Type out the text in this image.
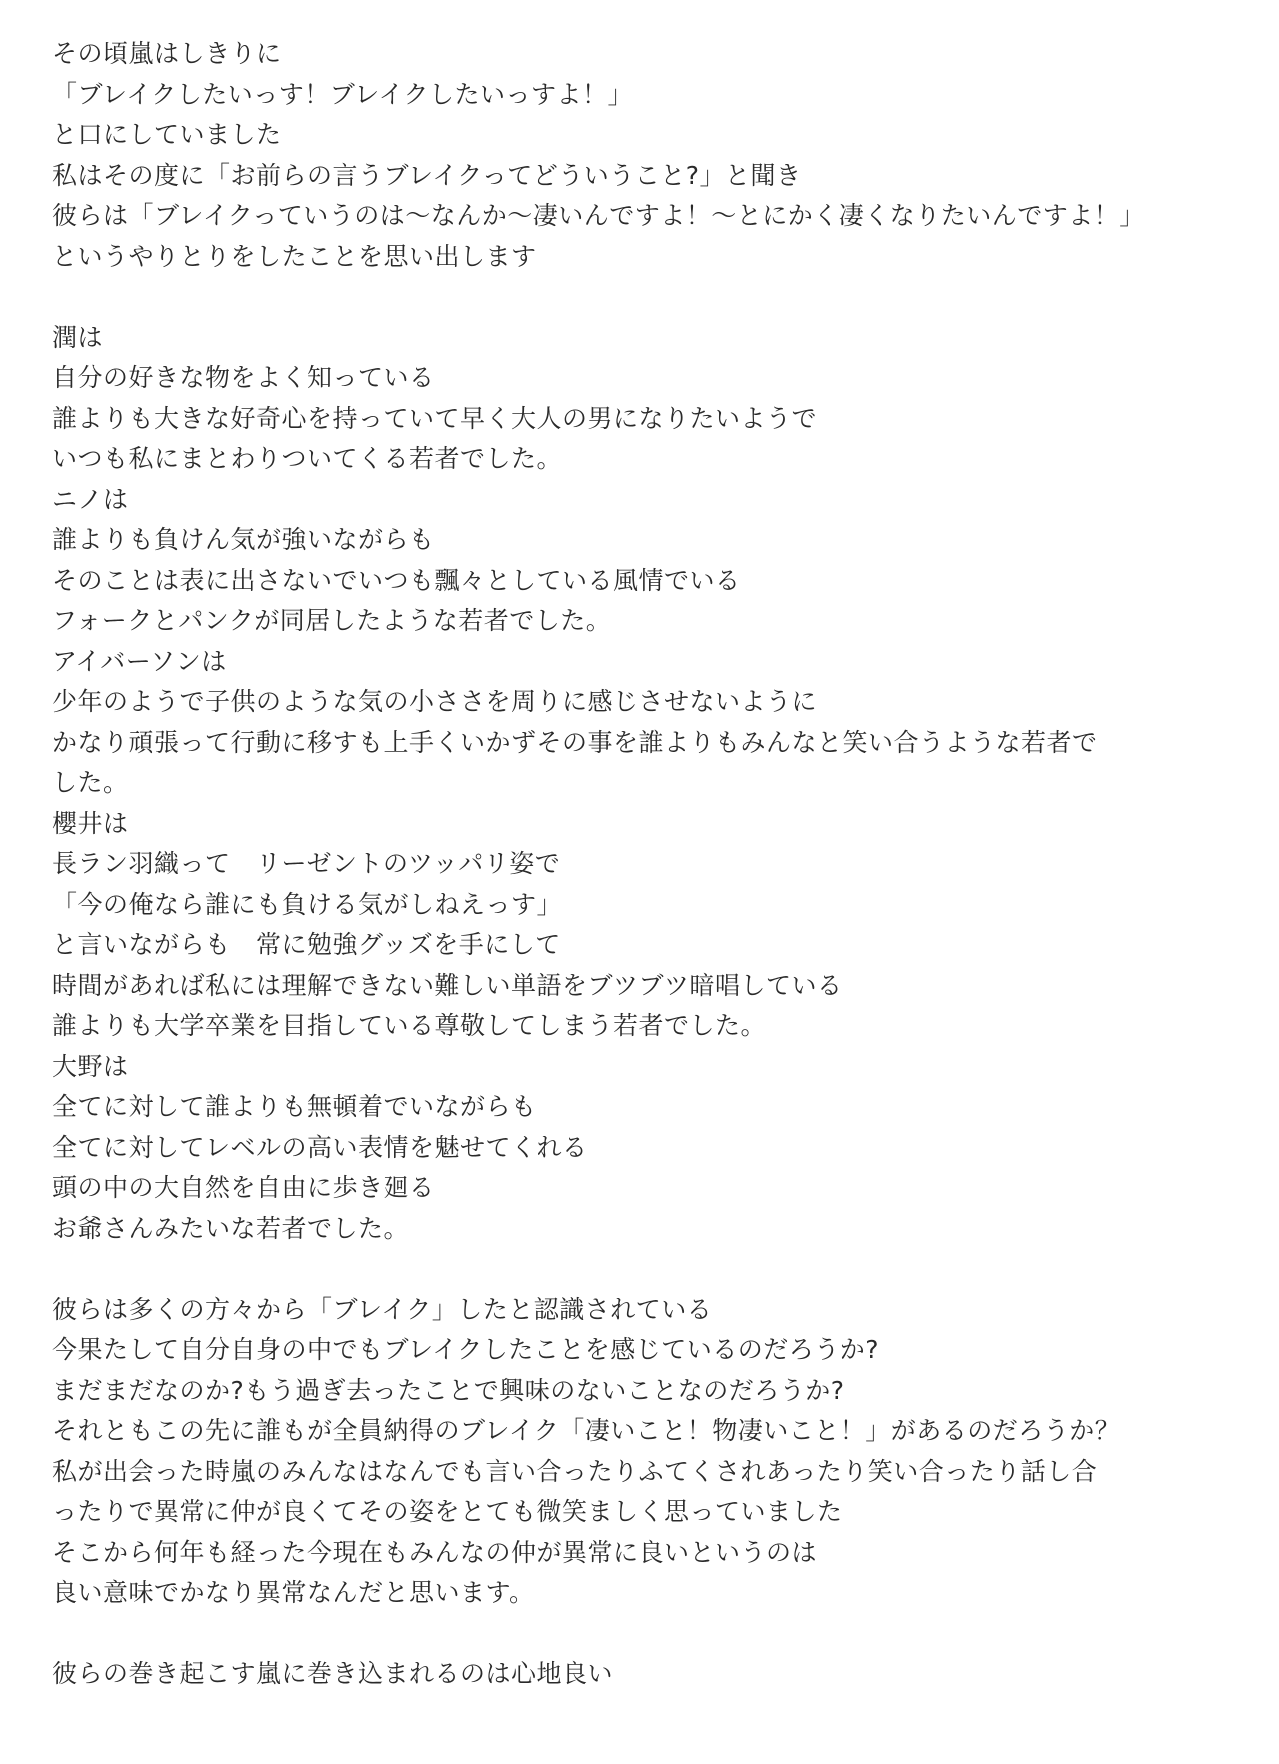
その頃嵐はしきりに
「ブレイクしたいっす！ブレイクしたいっすよ！」
と口にしていました
私はその度に「お前らの言うブレイクってどういうこと?」と聞き
彼らは「ブレイクっていうのは〜なんか〜凄いんですよ！〜とにかく凄くなりたいんですよ！」
というやりとりをしたことを思い出します
潤は
自分の好きな物をよく知っている
誰よりも大きな好奇心を持っていて早く大人の男になりたいようで
いつも私にまとわりついてくる若者でした。
ニノは
誰よりも負けん気が強いながらも
そのことは表に出さないでいつも飄々としている風情でいる
フォークとパンクが同居したような若者でした。
アイバーソンは
少年のようで子供のような気の小ささを周りに感じさせないように
かなり頑張って行動に移すも上手くいかずその事を誰よりもみんなと笑い合うような若者で
した。
櫻井は
長ラン羽織って　リーゼントのツッパリ姿で
「今の俺なら誰にも負ける気がしねえっす」
と言いながらも　常に勉強グッズを手にして
時間があれば私には理解できない難しい単語をブツブツ暗唱している
誰よりも大学卒業を目指している尊敬してしまう若者でした。
大野は
全てに対して誰よりも無頓着でいながらも
全てに対してレベルの高い表情を魅せてくれる
頭の中の大自然を自由に歩き廻る
お爺さんみたいな若者でした。
彼らは多くの方々から「ブレイク」したと認識されている
今果たして自分自身の中でもブレイクしたことを感じているのだろうか?
まだまだなのか?もう過ぎ去ったことで興味のないことなのだろうか?
それともこの先に誰もが全員納得のブレイク「凄いこと！物凄いこと！」があるのだろうか？
私が出会った時嵐のみんなはなんでも言い合ったりふてくされあったり笑い合ったり話し合
ったりで異常に仲が良くてその姿をとても微笑ましく思っていました
そこから何年も経った今現在もみんなの仲が異常に良いというのは
良い意味でかなり異常なんだと思います。
彼らの巻き起こす嵐に巻き込まれるのは心地良い
